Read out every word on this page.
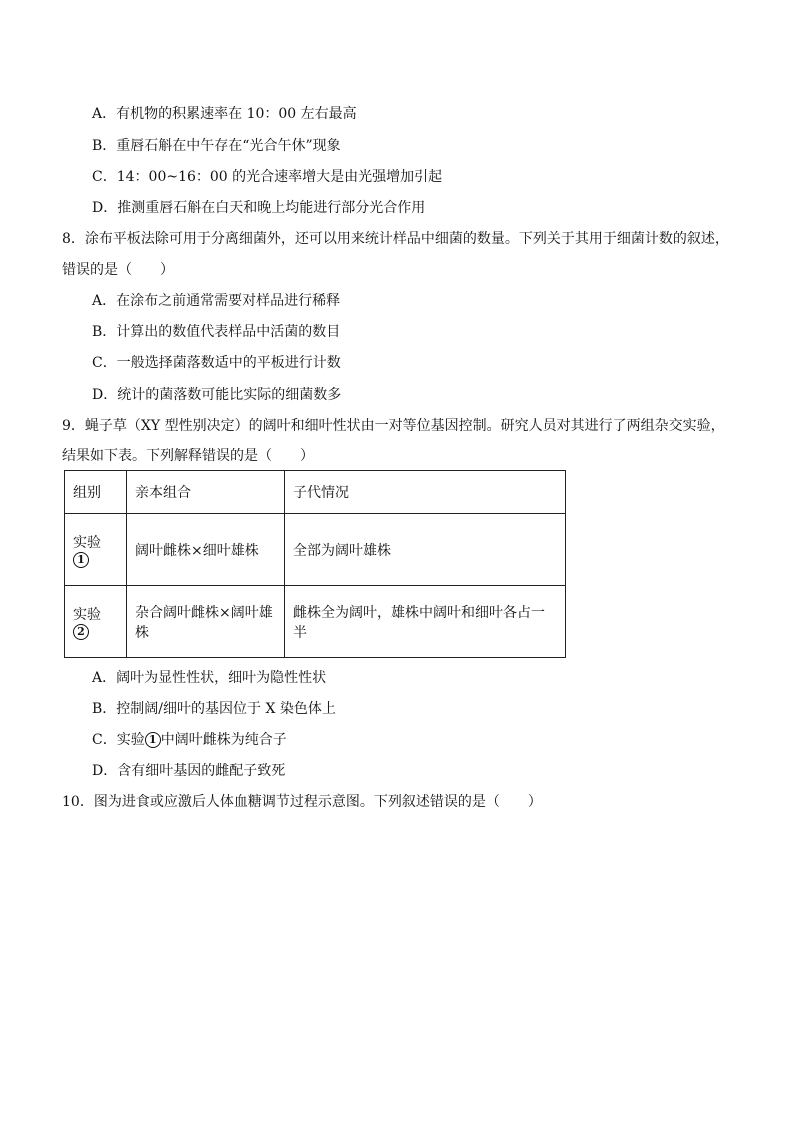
A．有机物的积累速率在 10：00 左右最高
B．重唇石斛在中午存在“光合午休”现象
C．14：00~16：00 的光合速率增大是由光强增加引起
D．推测重唇石斛在白天和晚上均能进行部分光合作用
8．涂布平板法除可用于分离细菌外，还可以用来统计样品中细菌的数量。下列关于其用于细菌计数的叙述，
错误的是（　　）
A．在涂布之前通常需要对样品进行稀释
B．计算出的数值代表样品中活菌的数目
C．一般选择菌落数适中的平板进行计数
D．统计的菌落数可能比实际的细菌数多
9．蝇子草（XY 型性别决定）的阔叶和细叶性状由一对等位基因控制。研究人员对其进行了两组杂交实验，
结果如下表。下列解释错误的是（　　）
组别	亲本组合	子代情况
实验
1	阔叶雌株×细叶雄株	全部为阔叶雄株
实验
2	杂合阔叶雌株×阔叶雄株	雌株全为阔叶，雄株中阔叶和细叶各占一半
A．阔叶为显性性状，细叶为隐性性状
B．控制阔/细叶的基因位于 X 染色体上
C．实验 1 中阔叶雌株为纯合子
D．含有细叶基因的雌配子致死
10．图为进食或应激后人体血糖调节过程示意图。下列叙述错误的是（　　）
